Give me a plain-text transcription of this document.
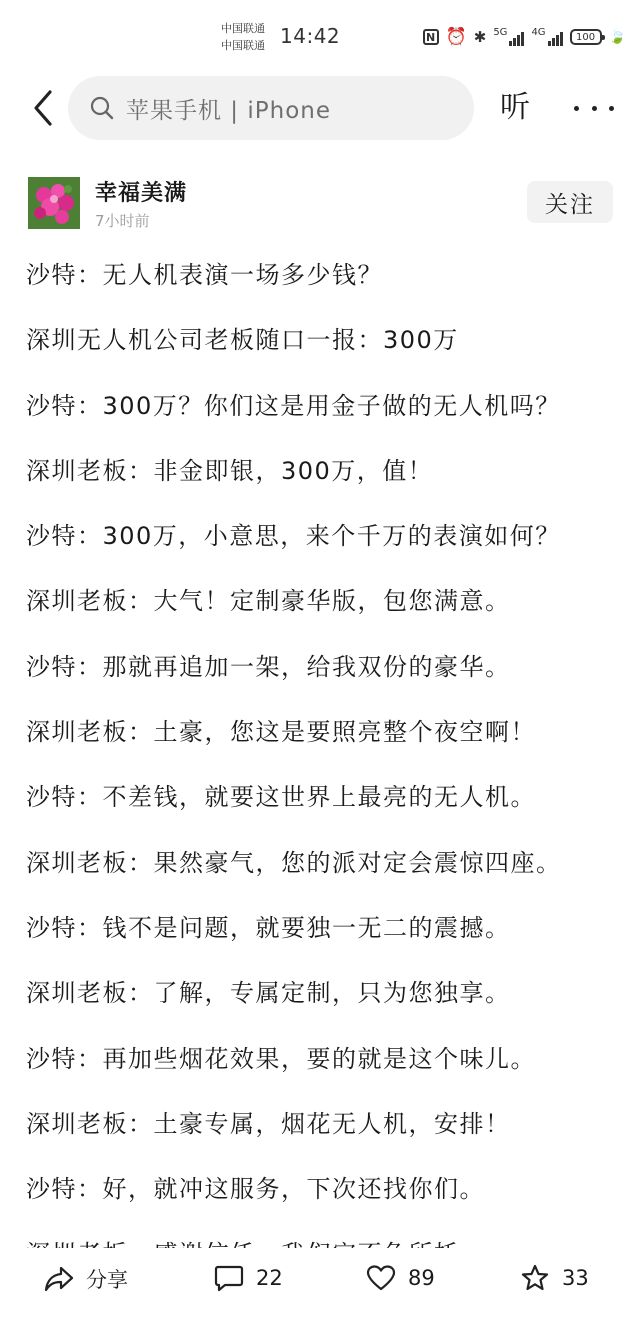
中国联通
中国联通 14:42	N ⏰ ✱ 5G 4G	100 🍃
苹果手机 | iPhone	听
幸福美满
7小时前
关注

沙特：无人机表演一场多少钱？

深圳无人机公司老板随口一报：300万

沙特：300万？你们这是用金子做的无人机吗？

深圳老板：非金即银，300万，值！

沙特：300万，小意思，来个千万的表演如何？

深圳老板：大气！定制豪华版，包您满意。

沙特：那就再追加一架，给我双份的豪华。

深圳老板：土豪，您这是要照亮整个夜空啊！

沙特：不差钱，就要这世界上最亮的无人机。

深圳老板：果然豪气，您的派对定会震惊四座。

沙特：钱不是问题，就要独一无二的震撼。

深圳老板：了解，专属定制，只为您独享。

沙特：再加些烟花效果，要的就是这个味儿。

深圳老板：土豪专属，烟花无人机，安排！

沙特：好，就冲这服务，下次还找你们。

分享	22	89	33
